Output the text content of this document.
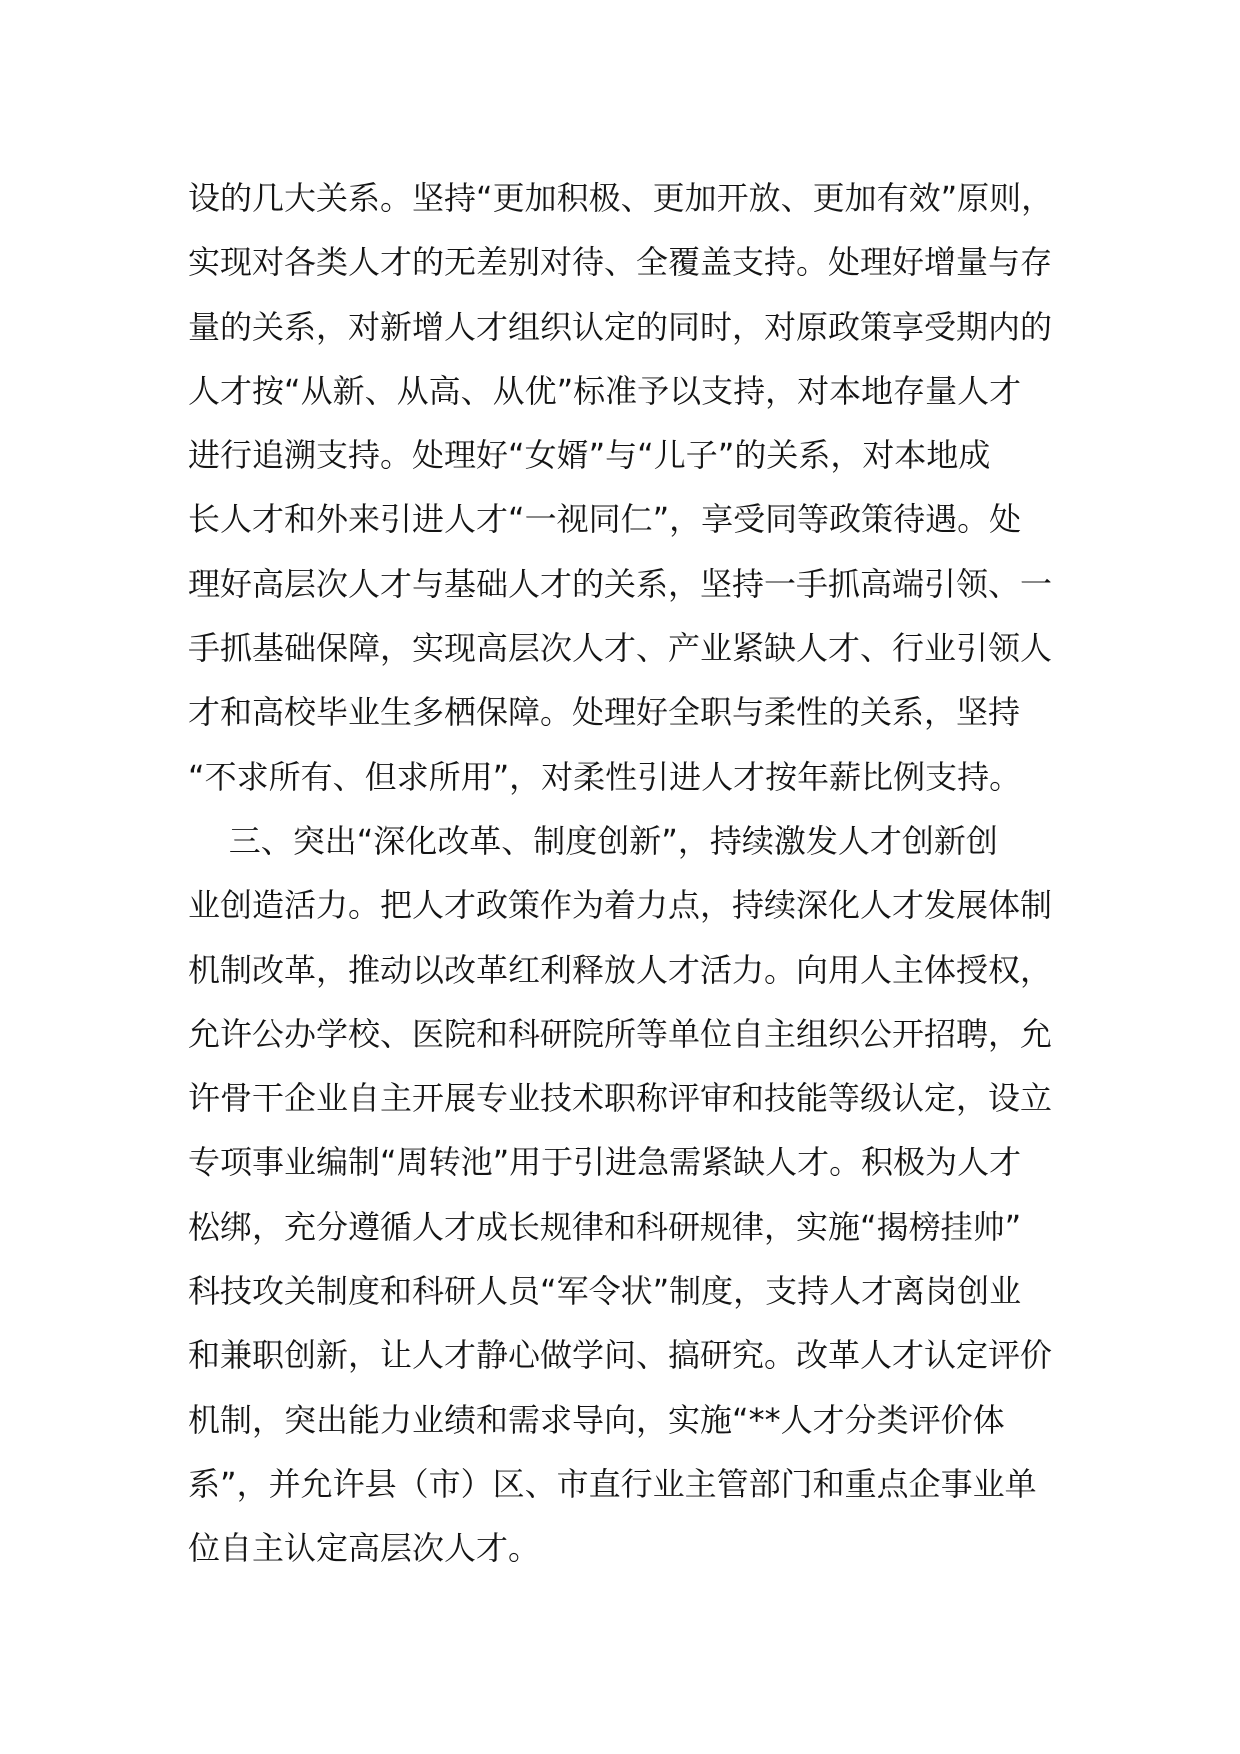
设的几大关系。坚持“更加积极、更加开放、更加有效”原则，

实现对各类人才的无差别对待、全覆盖支持。处理好增量与存

量的关系，对新增人才组织认定的同时，对原政策享受期内的

人才按“从新、从高、从优”标准予以支持，对本地存量人才

进行追溯支持。处理好“女婿”与“儿子”的关系，对本地成

长人才和外来引进人才“一视同仁”，享受同等政策待遇。处

理好高层次人才与基础人才的关系，坚持一手抓高端引领、一

手抓基础保障，实现高层次人才、产业紧缺人才、行业引领人

才和高校毕业生多栖保障。处理好全职与柔性的关系，坚持

“不求所有、但求所用”，对柔性引进人才按年薪比例支持。

三、突出“深化改革、制度创新”，持续激发人才创新创

业创造活力。把人才政策作为着力点，持续深化人才发展体制

机制改革，推动以改革红利释放人才活力。向用人主体授权，

允许公办学校、医院和科研院所等单位自主组织公开招聘，允

许骨干企业自主开展专业技术职称评审和技能等级认定，设立

专项事业编制“周转池”用于引进急需紧缺人才。积极为人才

松绑，充分遵循人才成长规律和科研规律，实施“揭榜挂帅”

科技攻关制度和科研人员“军令状”制度，支持人才离岗创业

和兼职创新，让人才静心做学问、搞研究。改革人才认定评价

机制，突出能力业绩和需求导向，实施“**人才分类评价体

系”，并允许县（市）区、市直行业主管部门和重点企事业单

位自主认定高层次人才。
